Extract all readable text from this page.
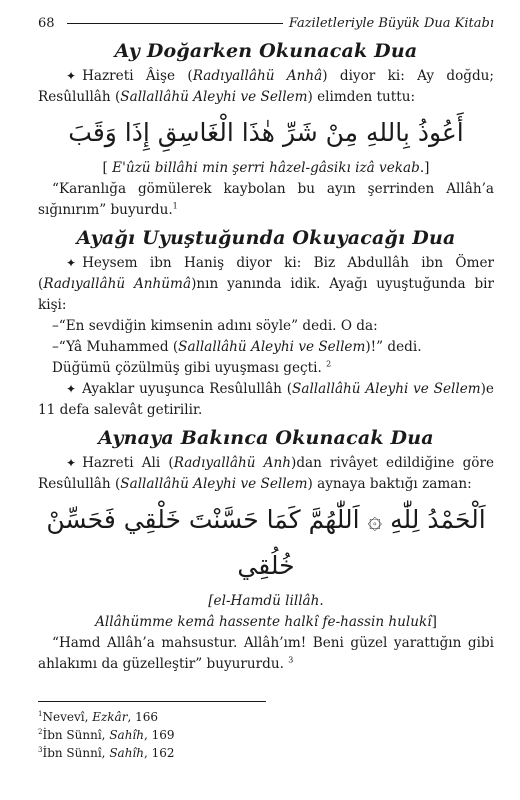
68	Faziletleriyle Büyük Dua Kitabı
Ay Doğarken Okunacak Dua

✦ Hazreti Âişe (Radıyallâhü Anhâ) diyor ki: Ay doğdu; Resûlullâh (Sallallâhü Aleyhi ve Sellem) elimden tuttu:

أَعُوذُ بِاللهِ مِنْ شَرِّ هٰذَا الْغَاسِقِ إِذَا وَقَبَ

[ E'ûzü billâhi min şerri hâzel-gâsikı izâ vekab.]

“Karanlığa gömülerek kaybolan bu ayın şerrinden Allâh’a sığınırım” buyurdu.$^1$

Ayağı Uyuştuğunda Okuyacağı Dua

✦ Heysem ibn Haniş diyor ki: Biz Abdullâh ibn Ömer (Radıyallâhü Anhümâ)nın yanında idik. Ayağı uyuştuğunda bir kişi:

–“En sevdiğin kimsenin adını söyle” dedi. O da:

–“Yâ Muhammed (Sallallâhü Aleyhi ve Sellem)!” dedi.

Düğümü çözülmüş gibi uyuşması geçti. $^2$

✦ Ayaklar uyuşunca Resûlullâh (Sallallâhü Aleyhi ve Sellem)e 11 defa salevât getirilir.

Aynaya Bakınca Okunacak Dua

✦ Hazreti Ali (Radıyallâhü Anh)dan rivâyet edildiğine göre Resûlullâh (Sallallâhü Aleyhi ve Sellem) aynaya baktığı zaman:

اَلْحَمْدُ لِلّٰهِ ۞ اَللّٰهُمَّ كَمَا حَسَّنْتَ خَلْقِي فَحَسِّنْ خُلُقِي

[el-Hamdü lillâh.

Allâhümme kemâ hassente halkî fe-hassin hulukî]

“Hamd Allâh’a mahsustur. Allâh’ım! Beni güzel yarattığın gibi ahlakımı da güzelleştir” buyururdu. $^3$

$^1$Nevevî, Ezkâr, 166

$^2$İbn Sünnî, Sahîh, 169

$^3$İbn Sünnî, Sahîh, 162
